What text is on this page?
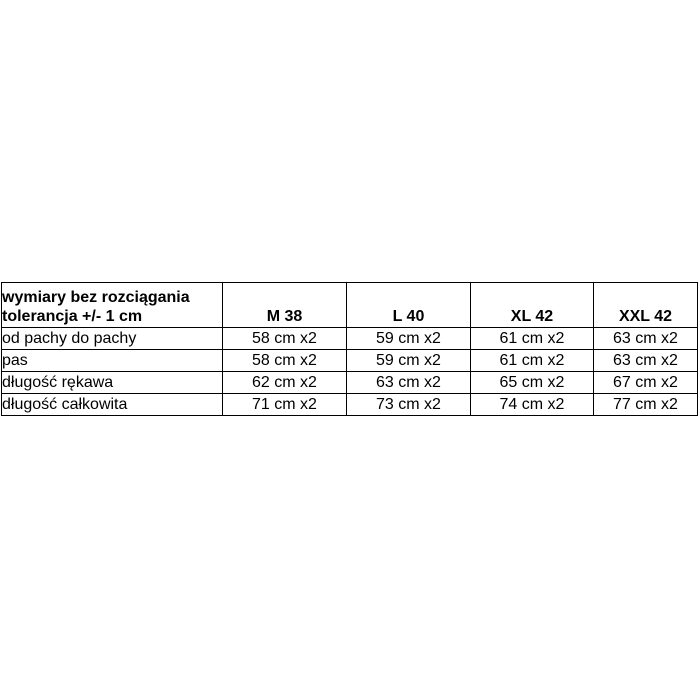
wymiary bez rozciągania
tolerancja +/- 1 cm	M 38	L 40	XL 42	XXL 42
od pachy do pachy	58 cm x2	59 cm x2	61 cm x2	63 cm x2
pas	58 cm x2	59 cm x2	61 cm x2	63 cm x2
długość rękawa	62 cm x2	63 cm x2	65 cm x2	67 cm x2
długość całkowita	71 cm x2	73 cm x2	74 cm x2	77 cm x2
